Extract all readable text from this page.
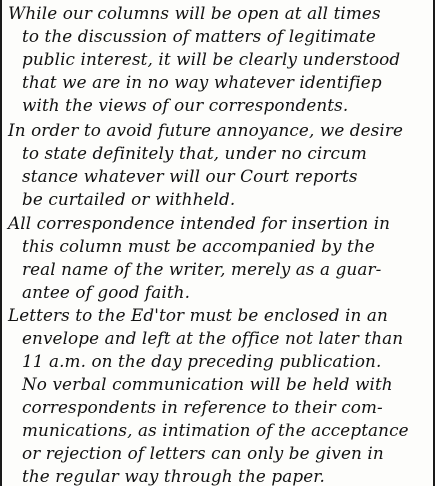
While our columns will be open at all times
to the discussion of matters of legitimate
public interest, it will be clearly understood
that we are in no way whatever identifiep
with the views of our correspondents.
In order to avoid future annoyance, we desire
to state definitely that, under no circum
stance whatever will our Court reports
be curtailed or withheld.
All correspondence intended for insertion in
this column must be accompanied by the
real name of the writer, merely as a guar-
antee of good faith.
Letters to the Ed'tor must be enclosed in an
envelope and left at the office not later than
11 a.m. on the day preceding publication.
No verbal communication will be held with
correspondents in reference to their com-
munications, as intimation of the acceptance
or rejection of letters can only be given in
the regular way through the paper.
